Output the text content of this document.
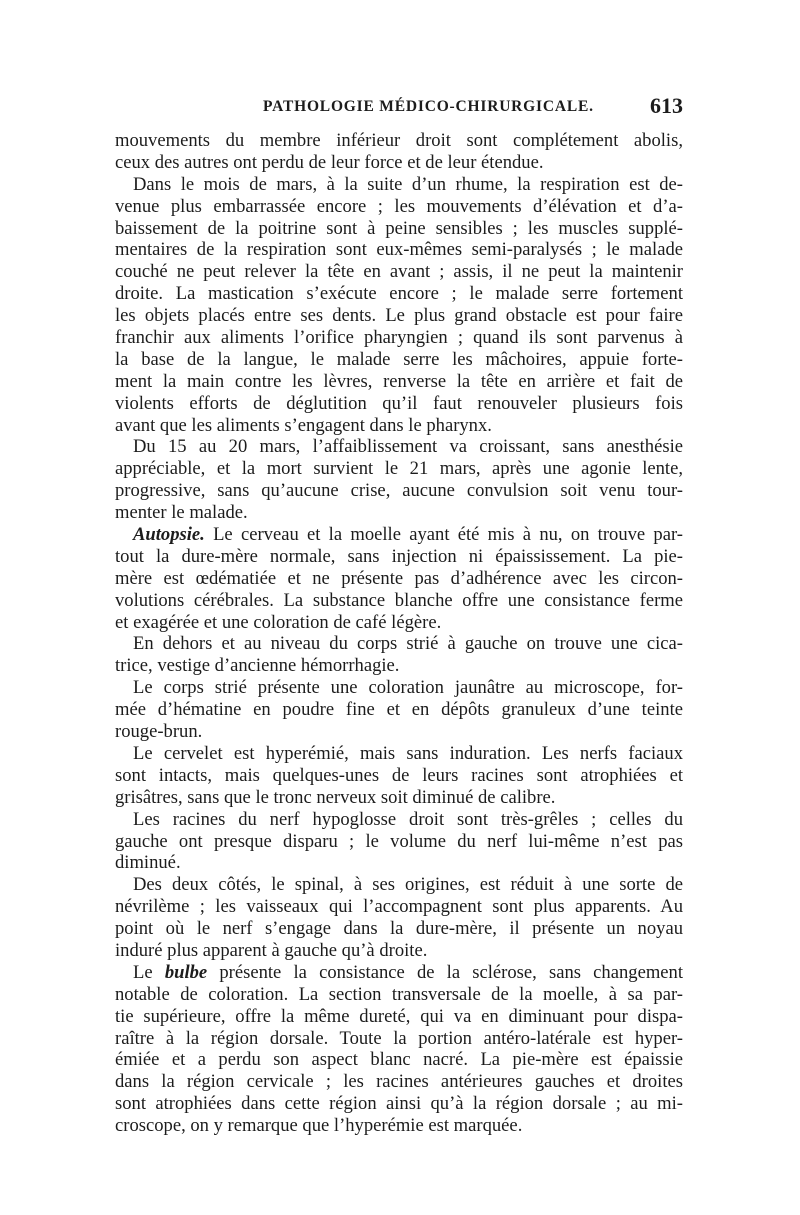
PATHOLOGIE MÉDICO-CHIRURGICALE.	613
mouvements du membre inférieur droit sont complétement abolis,
ceux des autres ont perdu de leur force et de leur étendue.
Dans le mois de mars, à la suite d’un rhume, la respiration est de-
venue plus embarrassée encore ; les mouvements d’élévation et d’a-
baissement de la poitrine sont à peine sensibles ; les muscles supplé-
mentaires de la respiration sont eux-mêmes semi-paralysés ; le malade
couché ne peut relever la tête en avant ; assis, il ne peut la maintenir
droite. La mastication s’exécute encore ; le malade serre fortement
les objets placés entre ses dents. Le plus grand obstacle est pour faire
franchir aux aliments l’orifice pharyngien ; quand ils sont parvenus à
la base de la langue, le malade serre les mâchoires, appuie forte-
ment la main contre les lèvres, renverse la tête en arrière et fait de
violents efforts de déglutition qu’il faut renouveler plusieurs fois
avant que les aliments s’engagent dans le pharynx.
Du 15 au 20 mars, l’affaiblissement va croissant, sans anesthésie
appréciable, et la mort survient le 21 mars, après une agonie lente,
progressive, sans qu’aucune crise, aucune convulsion soit venu tour-
menter le malade.
Autopsie. Le cerveau et la moelle ayant été mis à nu, on trouve par-
tout la dure-mère normale, sans injection ni épaississement. La pie-
mère est œdématiée et ne présente pas d’adhérence avec les circon-
volutions cérébrales. La substance blanche offre une consistance ferme
et exagérée et une coloration de café légère.
En dehors et au niveau du corps strié à gauche on trouve une cica-
trice, vestige d’ancienne hémorrhagie.
Le corps strié présente une coloration jaunâtre au microscope, for-
mée d’hématine en poudre fine et en dépôts granuleux d’une teinte
rouge-brun.
Le cervelet est hyperémié, mais sans induration. Les nerfs faciaux
sont intacts, mais quelques-unes de leurs racines sont atrophiées et
grisâtres, sans que le tronc nerveux soit diminué de calibre.
Les racines du nerf hypoglosse droit sont très-grêles ; celles du
gauche ont presque disparu ; le volume du nerf lui-même n’est pas
diminué.
Des deux côtés, le spinal, à ses origines, est réduit à une sorte de
névrilème ; les vaisseaux qui l’accompagnent sont plus apparents. Au
point où le nerf s’engage dans la dure-mère, il présente un noyau
induré plus apparent à gauche qu’à droite.
Le bulbe présente la consistance de la sclérose, sans changement
notable de coloration. La section transversale de la moelle, à sa par-
tie supérieure, offre la même dureté, qui va en diminuant pour dispa-
raître à la région dorsale. Toute la portion antéro-latérale est hyper-
émiée et a perdu son aspect blanc nacré. La pie-mère est épaissie
dans la région cervicale ; les racines antérieures gauches et droites
sont atrophiées dans cette région ainsi qu’à la région dorsale ; au mi-
croscope, on y remarque que l’hyperémie est marquée.
